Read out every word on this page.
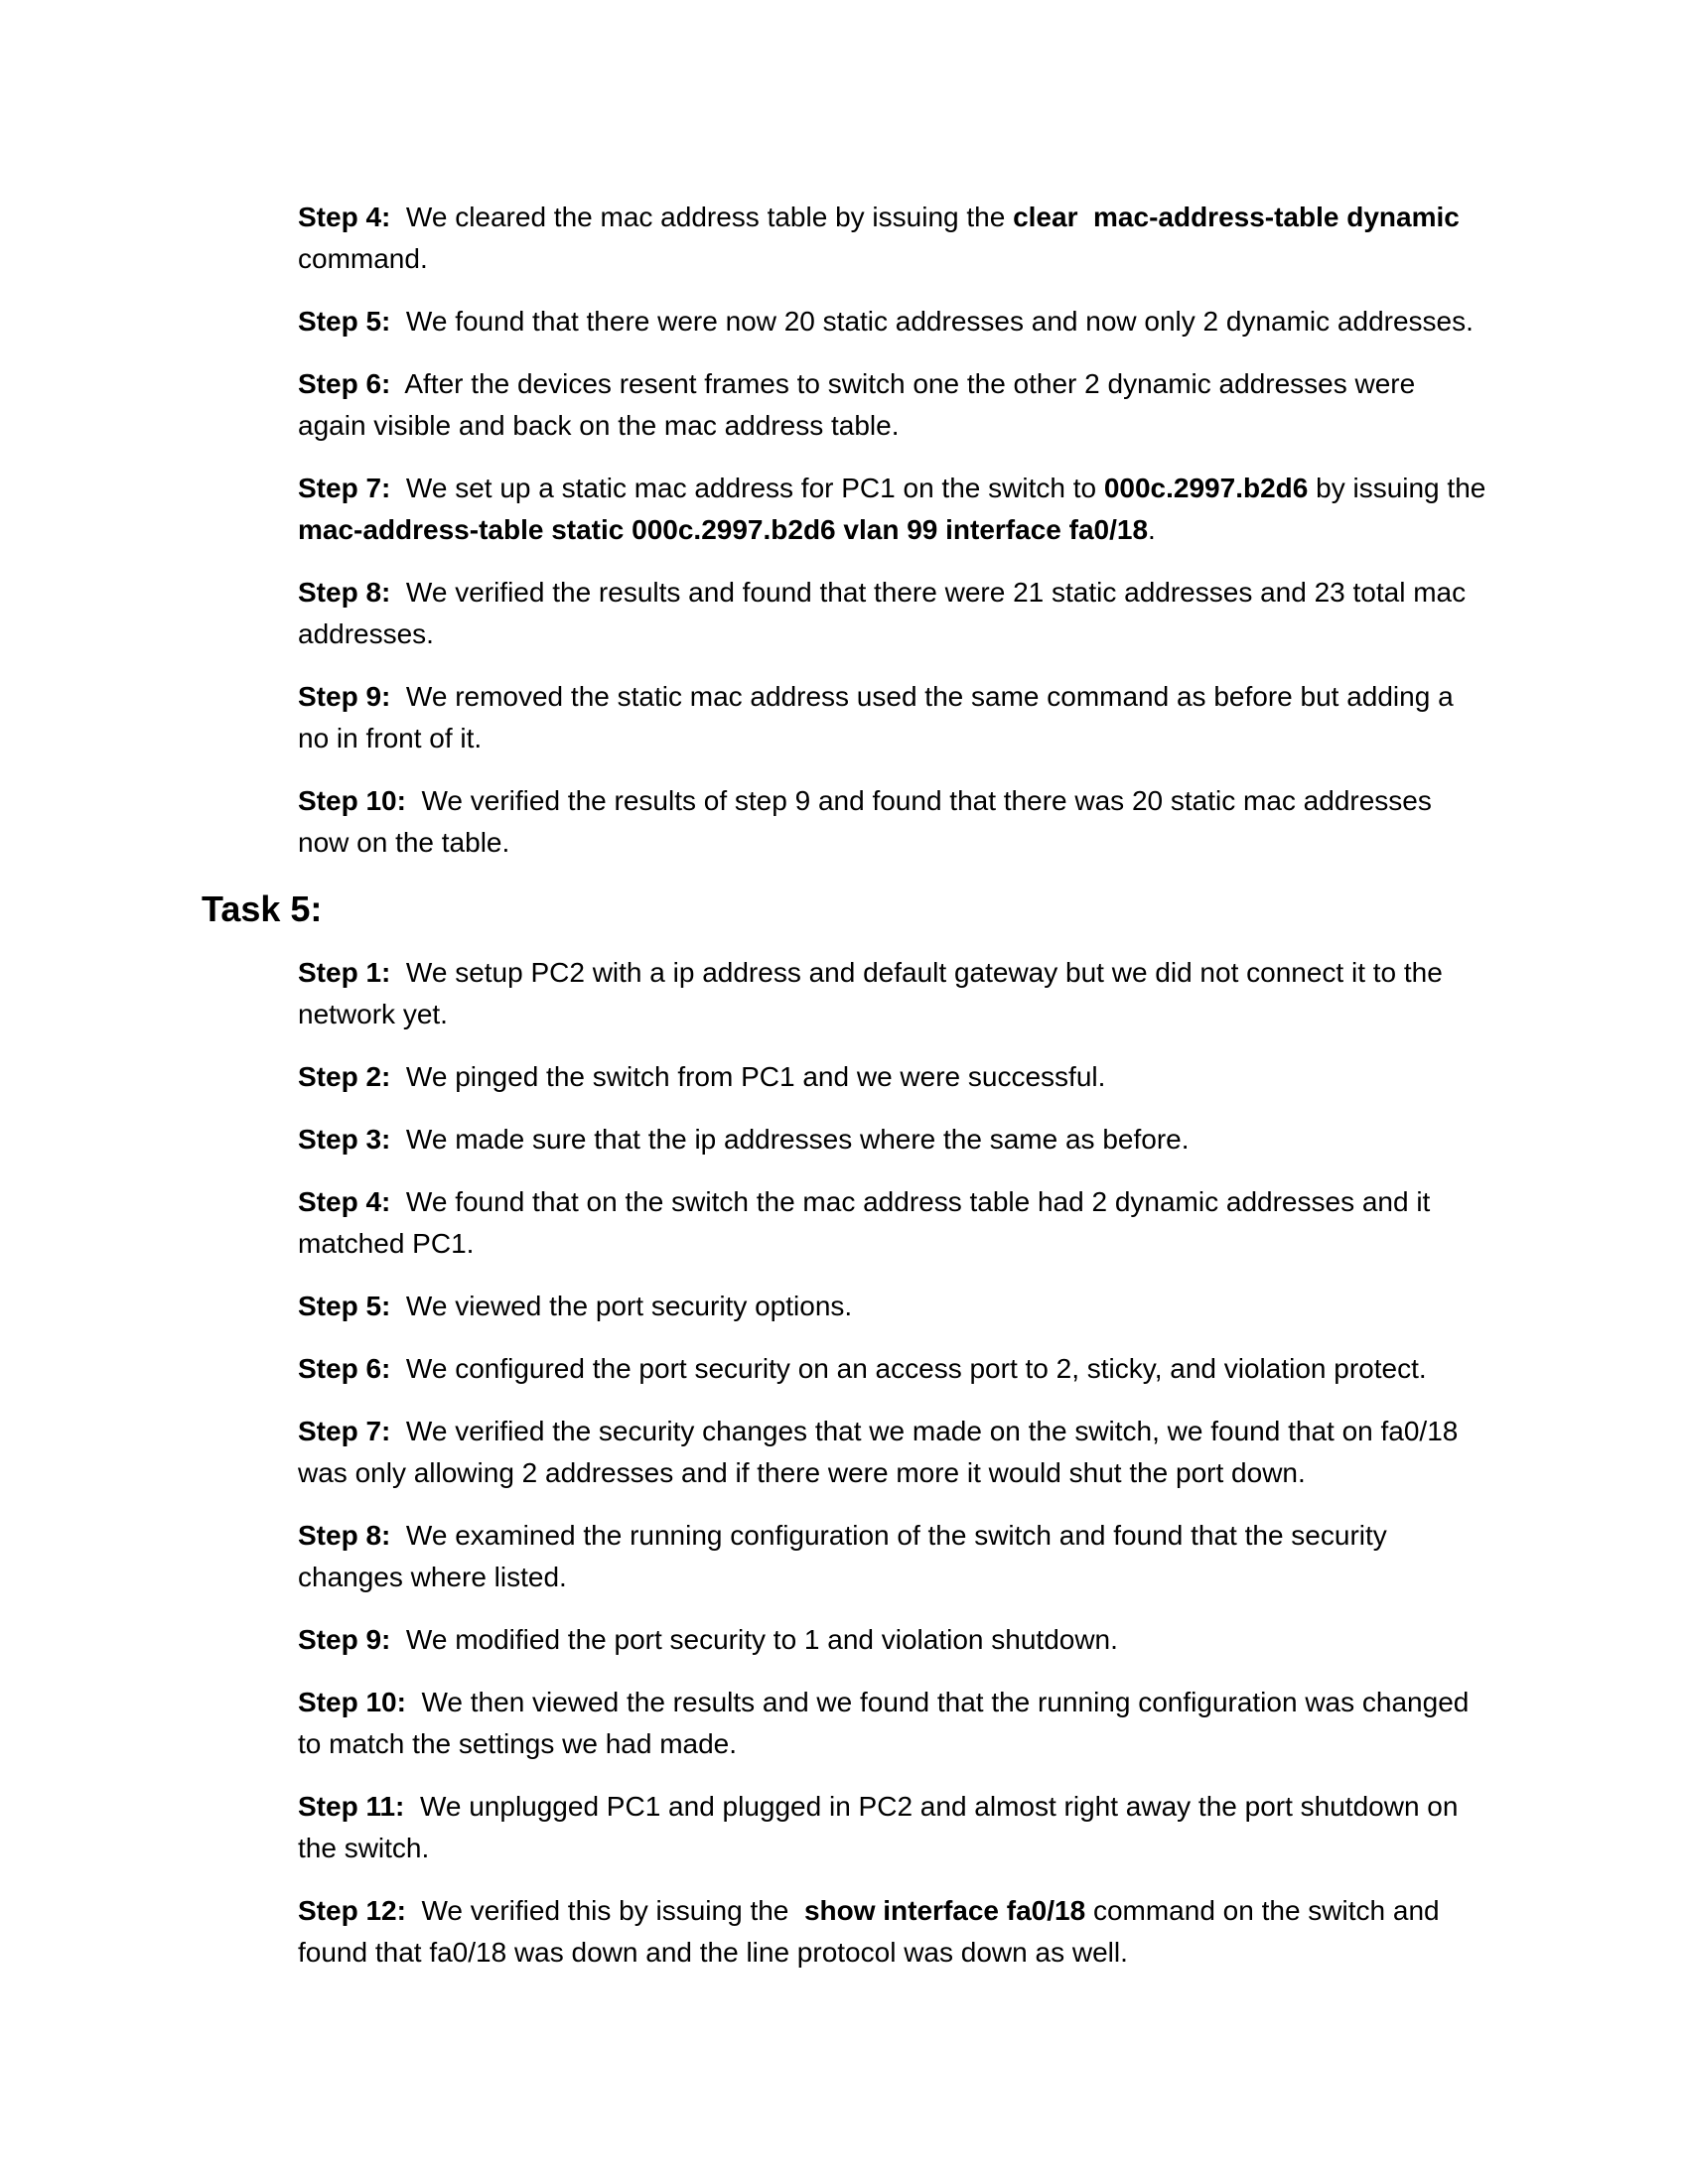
Step 4:  We cleared the mac address table by issuing the clear  mac-address-table dynamic command.

Step 5:  We found that there were now 20 static addresses and now only 2 dynamic addresses.

Step 6:  After the devices resent frames to switch one the other 2 dynamic addresses were again visible and back on the mac address table.

Step 7:  We set up a static mac address for PC1 on the switch to 000c.2997.b2d6 by issuing the mac-address-table static 000c.2997.b2d6 vlan 99 interface fa0/18.

Step 8:  We verified the results and found that there were 21 static addresses and 23 total mac addresses.

Step 9:  We removed the static mac address used the same command as before but adding a no in front of it.

Step 10:  We verified the results of step 9 and found that there was 20 static mac addresses now on the table.

Task 5:

Step 1:  We setup PC2 with a ip address and default gateway but we did not connect it to the network yet.

Step 2:  We pinged the switch from PC1 and we were successful.

Step 3:  We made sure that the ip addresses where the same as before.

Step 4:  We found that on the switch the mac address table had 2 dynamic addresses and it matched PC1.

Step 5:  We viewed the port security options.

Step 6:  We configured the port security on an access port to 2, sticky, and violation protect.

Step 7:  We verified the security changes that we made on the switch, we found that on fa0/18 was only allowing 2 addresses and if there were more it would shut the port down.

Step 8:  We examined the running configuration of the switch and found that the security changes where listed.

Step 9:  We modified the port security to 1 and violation shutdown.

Step 10:  We then viewed the results and we found that the running configuration was changed to match the settings we had made.

Step 11:  We unplugged PC1 and plugged in PC2 and almost right away the port shutdown on the switch.

Step 12:  We verified this by issuing the  show interface fa0/18 command on the switch and found that fa0/18 was down and the line protocol was down as well.
